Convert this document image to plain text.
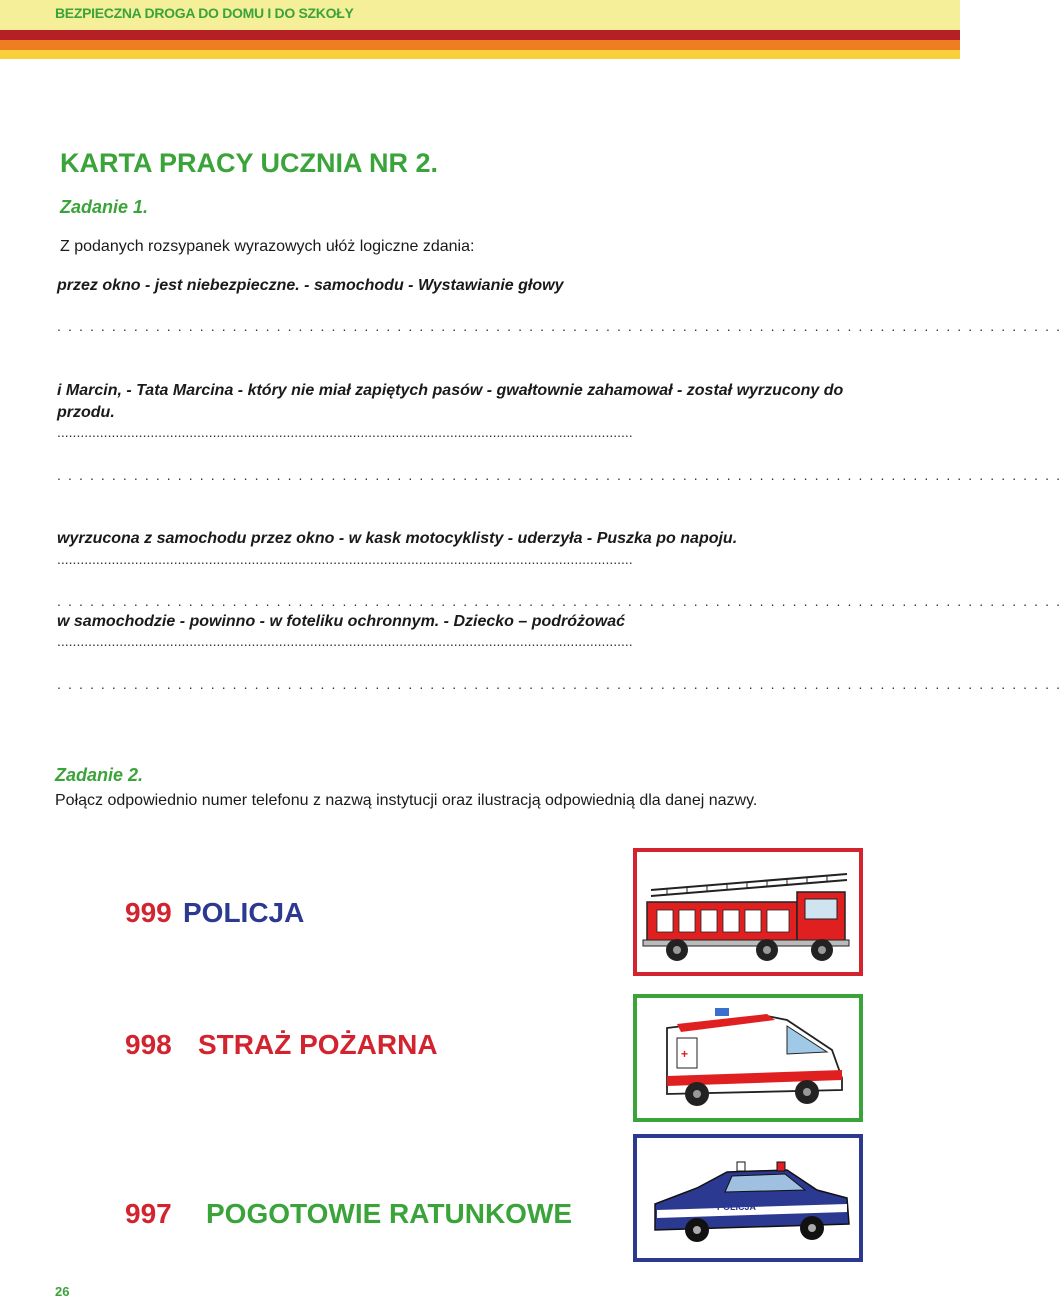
BEZPIECZNA DROGA DO DOMU I DO SZKOŁY
KARTA PRACY UCZNIA NR 2.
Zadanie 1.
Z podanych rozsypanek wyrazowych ułóż logiczne zdania:
przez okno - jest niebezpieczne. - samochodu - Wystawianie głowy
. . . . . . . . . . . . . . . . . . . . . . . . . . . . . . . . . . . . . . . . . . . . . . . . . . . . . . . . . . . . . . . . . . . . . . . . . . . . . . . . . . . . . . . . . . . .
i Marcin, - Tata Marcina - który nie miał zapiętych pasów - gwałtownie zahamował - został wyrzucony do
przodu.
....................................................................................................................................................
. . . . . . . . . . . . . . . . . . . . . . . . . . . . . . . . . . . . . . . . . . . . . . . . . . . . . . . . . . . . . . . . . . . . . . . . . . . . . . . . . . . . . . . . . . . .
wyrzucona z samochodu przez okno - w kask motocyklisty - uderzyła - Puszka po napoju.
....................................................................................................................................................
. . . . . . . . . . . . . . . . . . . . . . . . . . . . . . . . . . . . . . . . . . . . . . . . . . . . . . . . . . . . . . . . . . . . . . . . . . . . . . . . . . . . . . . . . . . .
w samochodzie - powinno - w foteliku ochronnym. - Dziecko – podróżować
....................................................................................................................................................
. . . . . . . . . . . . . . . . . . . . . . . . . . . . . . . . . . . . . . . . . . . . . . . . . . . . . . . . . . . . . . . . . . . . . . . . . . . . . . . . . . . . . . . . . . . .
Zadanie 2.
Połącz odpowiednio numer telefonu z nazwą instytucji oraz ilustracją odpowiednią dla danej nazwy.
999 POLICJA
998 STRAŻ POŻARNA
997 POGOTOWIE RATUNKOWE
+
POLICJA
26
